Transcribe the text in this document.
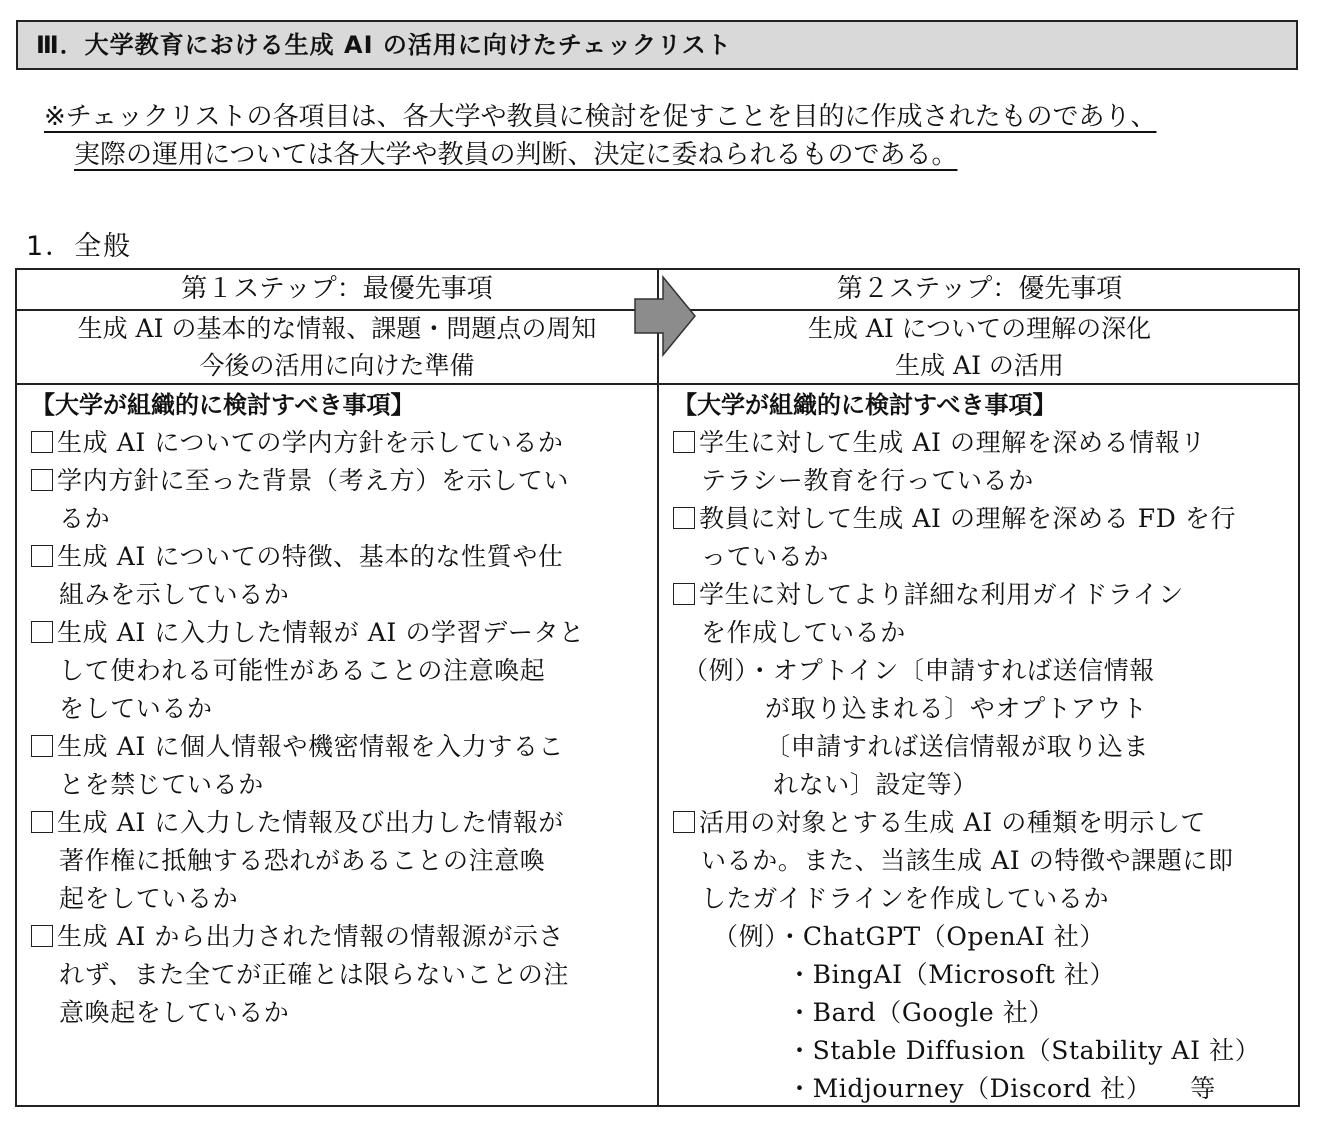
Ⅲ．大学教育における生成 AI の活用に向けたチェックリスト
※チェックリストの各項目は、各大学や教員に検討を促すことを目的に作成されたものであり、
実際の運用については各大学や教員の判断、決定に委ねられるものである。
1．全般
第１ステップ：最優先事項	第２ステップ：優先事項
生成 AI の基本的な情報、課題・問題点の周知
今後の活用に向けた準備
生成 AI についての理解の深化
生成 AI の活用
【大学が組織的に検討すべき事項】
生成 AI についての学内方針を示しているか
学内方針に至った背景（考え方）を示してい
るか
生成 AI についての特徴、基本的な性質や仕
組みを示しているか
生成 AI に入力した情報が AI の学習データと
して使われる可能性があることの注意喚起
をしているか
生成 AI に個人情報や機密情報を入力するこ
とを禁じているか
生成 AI に入力した情報及び出力した情報が
著作権に抵触する恐れがあることの注意喚
起をしているか
生成 AI から出力された情報の情報源が示さ
れず、また全てが正確とは限らないことの注
意喚起をしているか
【大学が組織的に検討すべき事項】
学生に対して生成 AI の理解を深める情報リ
テラシー教育を行っているか
教員に対して生成 AI の理解を深める FD を行
っているか
学生に対してより詳細な利用ガイドライン
を作成しているか
（例）・オプトイン〔申請すれば送信情報
が取り込まれる〕やオプトアウト
〔申請すれば送信情報が取り込ま
れない〕設定等）
活用の対象とする生成 AI の種類を明示して
いるか。また、当該生成 AI の特徴や課題に即
したガイドラインを作成しているか
（例）・ChatGPT（OpenAI 社）
・BingAI（Microsoft 社）
・Bard（Google 社）
・Stable Diffusion（Stability AI 社）
・Midjourney（Discord 社）　　等
